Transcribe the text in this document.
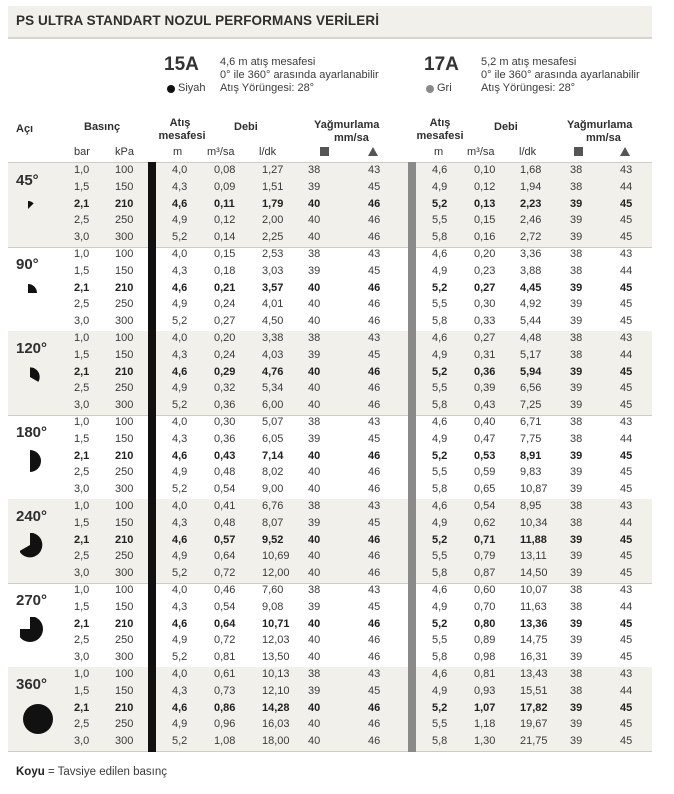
PS ULTRA STANDART NOZUL PERFORMANS VERİLERİ
15A
Siyah
4,6 m atış mesafesi
0° ile 360° arasında ayarlanabilir
Atış Yörüngesi: 28°
17A
Gri
5,2 m atış mesafesi
0° ile 360° arasında ayarlanabilir
Atış Yörüngesi: 28°
Açı	Basınç
bar kPa
Atış
mesafesi
m
Debi
m³/sa l/dk
Yağmurlama
mm/sa
Atış
mesafesi
m
Debi
m³/sa l/dk
Yağmurlama
mm/sa
45°
1,0 100	4,0 0,08 1,27 38	43	4,6 0,10 1,68	38	43
1,5 150	4,3 0,09 1,51 39	45	4,9 0,12 1,94	38	44
2,1 210	4,6 0,11 1,79 40	46	5,2 0,13 2,23	39	45
2,5 250	4,9 0,12 2,00 40	46	5,5 0,15 2,46	39	45
3,0 300	5,2 0,14 2,25 40	46	5,8 0,16 2,72	39	45
90°
1,0 100	4,0 0,15 2,53 38	43	4,6 0,20 3,36	38	43
1,5 150	4,3 0,18 3,03 39	45	4,9 0,23 3,88	38	44
2,1 210	4,6 0,21 3,57 40	46	5,2 0,27 4,45	39	45
2,5 250	4,9 0,24 4,01 40	46	5,5 0,30 4,92	39	45
3,0 300	5,2 0,27 4,50 40	46	5,8 0,33 5,44	39	45
120°
1,0 100	4,0 0,20 3,38 38	43	4,6 0,27 4,48	38	43
1,5 150	4,3 0,24 4,03 39	45	4,9 0,31 5,17	38	44
2,1 210	4,6 0,29 4,76 40	46	5,2 0,36 5,94	39	45
2,5 250	4,9 0,32 5,34 40	46	5,5 0,39 6,56	39	45
3,0 300	5,2 0,36 6,00 40	46	5,8 0,43 7,25	39	45
180°
1,0 100	4,0 0,30 5,07 38	43	4,6 0,40 6,71	38	43
1,5 150	4,3 0,36 6,05 39	45	4,9 0,47 7,75	38	44
2,1 210	4,6 0,43 7,14 40	46	5,2 0,53 8,91	39	45
2,5 250	4,9 0,48 8,02 40	46	5,5 0,59 9,83	39	45
3,0 300	5,2 0,54 9,00 40	46	5,8 0,65 10,87 39	45
240°
1,0 100	4,0 0,41 6,76 38	43	4,6 0,54 8,95	38	43
1,5 150	4,3 0,48 8,07 39	45	4,9 0,62 10,34 38	44
2,1 210	4,6 0,57 9,52 40	46	5,2 0,71 11,88 39	45
2,5 250	4,9 0,64 10,69 40	46	5,5 0,79 13,11 39	45
3,0 300	5,2 0,72 12,00 40	46	5,8 0,87 14,50 39	45
270°
1,0 100	4,0 0,46 7,60 38	43	4,6 0,60 10,07 38	43
1,5 150	4,3 0,54 9,08 39	45	4,9 0,70 11,63 38	44
2,1 210	4,6 0,64 10,71 40	46	5,2 0,80 13,36 39	45
2,5 250	4,9 0,72 12,03 40	46	5,5 0,89 14,75 39	45
3,0 300	5,2 0,81 13,50 40	46	5,8 0,98 16,31 39	45
360°
1,0 100	4,0 0,61 10,13 38	43	4,6 0,81 13,43 38	43
1,5 150	4,3 0,73 12,10 39	45	4,9 0,93 15,51 38	44
2,1 210	4,6 0,86 14,28 40	46	5,2 1,07 17,82 39	45
2,5 250	4,9 0,96 16,03 40	46	5,5 1,18 19,67 39	45
3,0 300	5,2 1,08 18,00 40	46	5,8 1,30 21,75 39	45
Koyu = Tavsiye edilen basınç
